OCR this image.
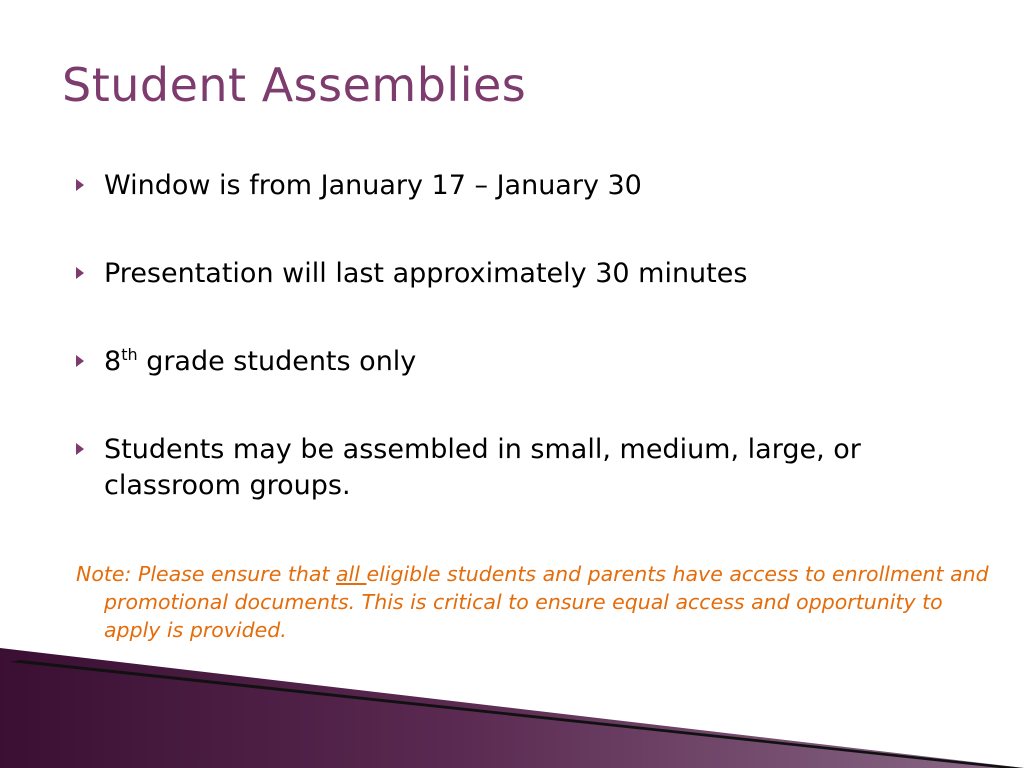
Student Assemblies
Window is from January 17 – January 30
Presentation will last approximately 30 minutes
8th grade students only
Students may be assembled in small, medium, large, or classroom groups.
Note: Please ensure that all eligible students and parents have access to enrollment and promotional documents. This is critical to ensure equal access and opportunity to apply is provided.
